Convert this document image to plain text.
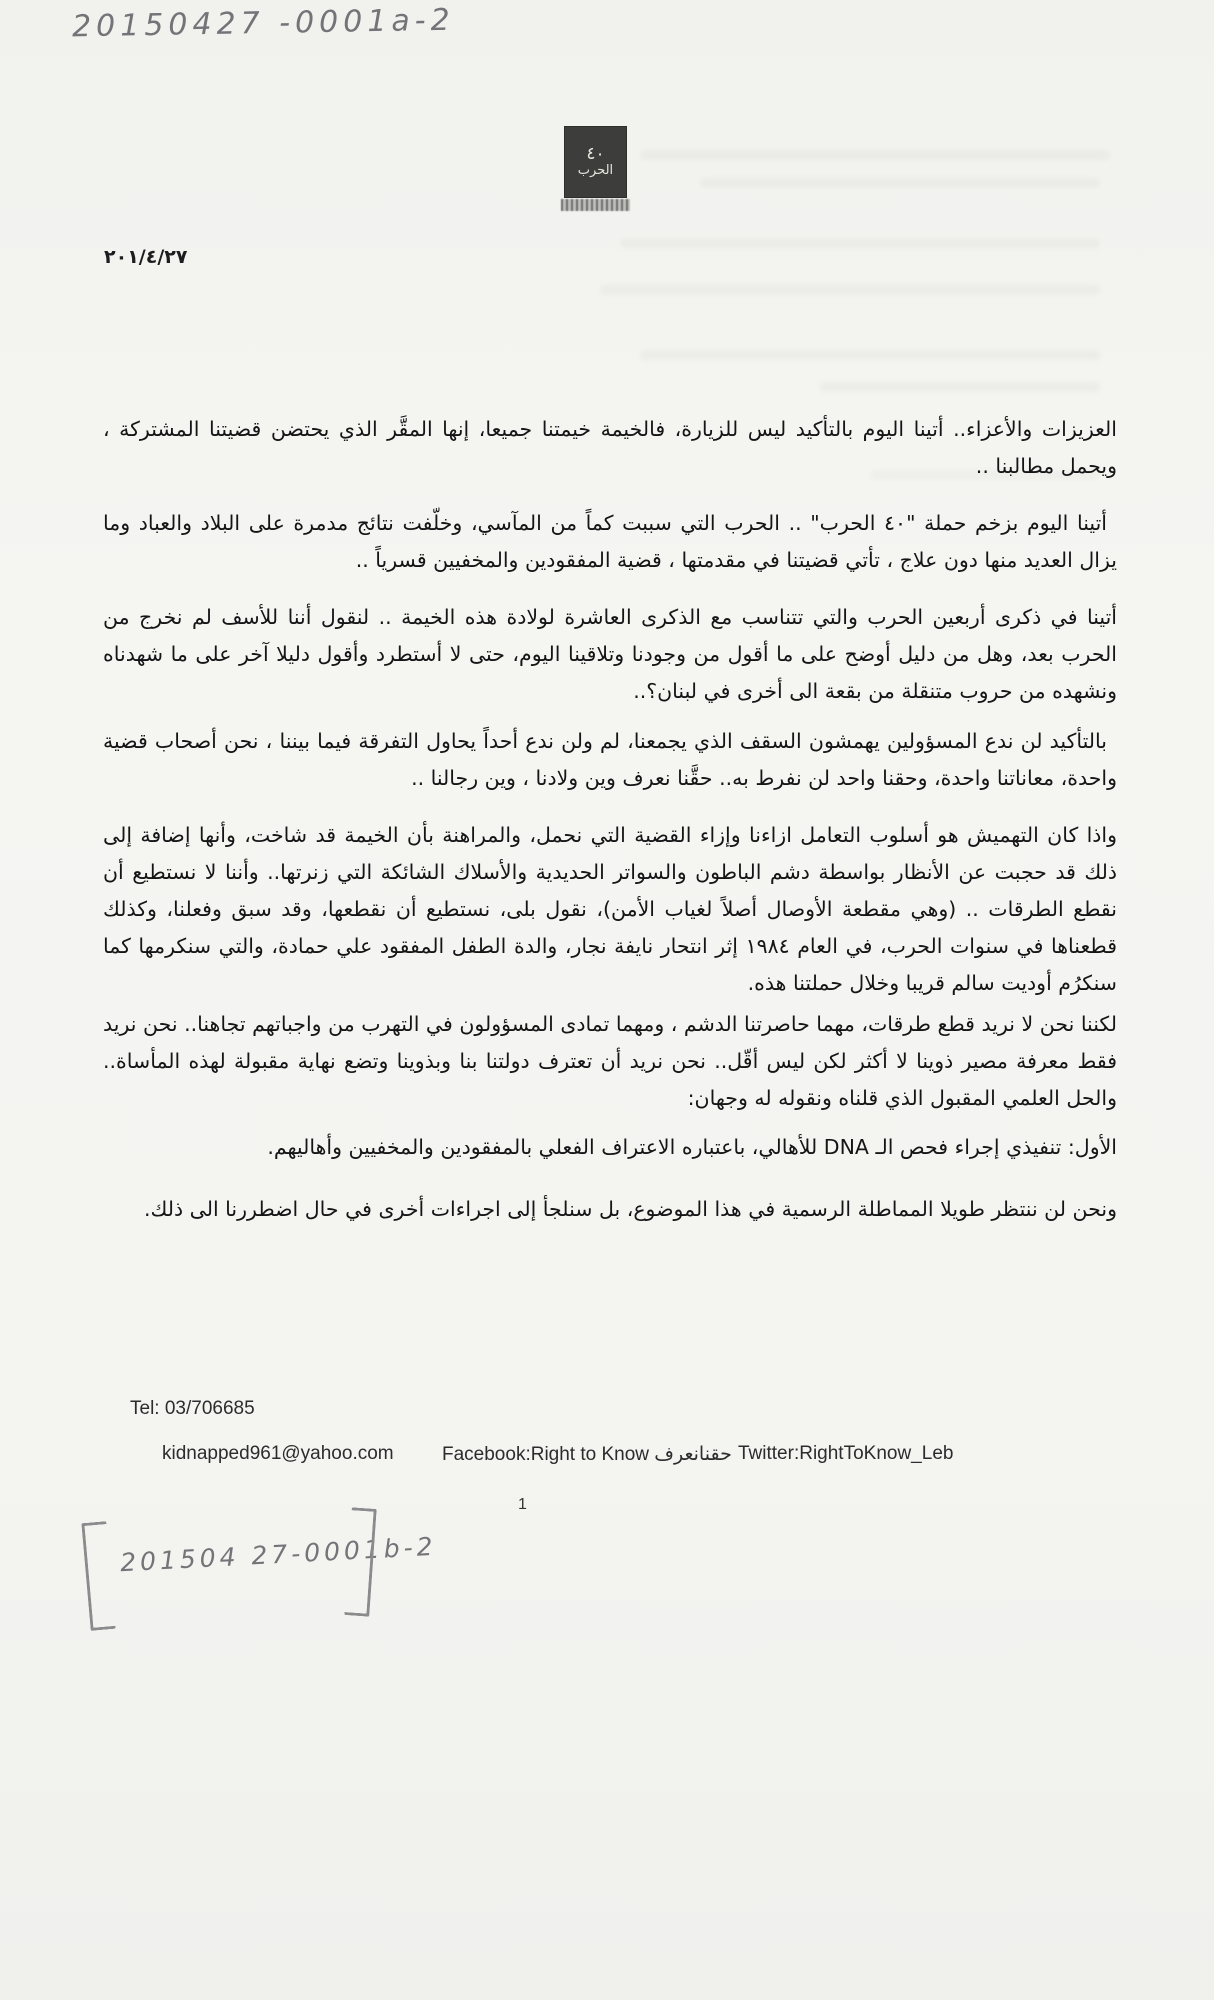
20150427 -0001a-2
٤٠
الحرب
٢٠١/٤/٢٧
العزيزات والأعزاء.. أتينا اليوم بالتأكيد ليس للزيارة، فالخيمة خيمتنا جميعا، إنها المقَّر الذي يحتضن قضيتنا المشتركة ، ويحمل مطالبنا ..
أتينا اليوم بزخم حملة "٤٠ الحرب" .. الحرب التي سببت كماً من المآسي، وخلّفت نتائج مدمرة على البلاد والعباد وما يزال العديد منها دون علاج ، تأتي قضيتنا في مقدمتها ، قضية المفقودين والمخفيين قسرياً ..
أتينا في ذكرى أربعين الحرب والتي تتناسب مع الذكرى العاشرة لولادة هذه الخيمة .. لنقول أننا للأسف لم نخرج من الحرب بعد، وهل من دليل أوضح على ما أقول من وجودنا وتلاقينا اليوم، حتى لا أستطرد وأقول دليلا آخر على ما شهدناه ونشهده من حروب متنقلة من بقعة الى أخرى في لبنان؟..
بالتأكيد لن ندع المسؤولين يهمشون السقف الذي يجمعنا، لم ولن ندع أحداً يحاول التفرقة فيما بيننا ، نحن أصحاب قضية واحدة، معاناتنا واحدة، وحقنا واحد لن نفرط به.. حقَّنا نعرف وين ولادنا ، وين رجالنا ..
واذا كان التهميش هو أسلوب التعامل ازاءنا وإزاء القضية التي نحمل، والمراهنة بأن الخيمة قد شاخت، وأنها إضافة إلى ذلك قد حجبت عن الأنظار بواسطة دشم الباطون والسواتر الحديدية والأسلاك الشائكة التي زنرتها.. وأننا لا نستطيع أن نقطع الطرقات .. (وهي مقطعة الأوصال أصلاً لغياب الأمن)، نقول بلى، نستطيع أن نقطعها، وقد سبق وفعلنا، وكذلك قطعناها في سنوات الحرب، في العام ١٩٨٤ إثر انتحار نايفة نجار، والدة الطفل المفقود علي حمادة، والتي سنكرمها كما سنكرُم أوديت سالم قريبا وخلال حملتنا هذه.
لكننا نحن لا نريد قطع طرقات، مهما حاصرتنا الدشم ، ومهما تمادى المسؤولون في التهرب من واجباتهم تجاهنا.. نحن نريد فقط معرفة مصير ذوينا لا أكثر لكن ليس أقّل.. نحن نريد أن تعترف دولتنا بنا وبذوينا وتضع نهاية مقبولة لهذه المأساة.. والحل العلمي المقبول الذي قلناه ونقوله له وجهان:
الأول: تنفيذي إجراء فحص الـ DNA للأهالي، باعتباره الاعتراف الفعلي بالمفقودين والمخفيين وأهاليهم.
ونحن لن ننتظر طويلا المماطلة الرسمية في هذا الموضوع، بل سنلجأ إلى اجراءات أخرى في حال اضطررنا الى ذلك.
Tel: 03/706685
kidnapped961@yahoo.com	Facebook:Right to Know حقنانعرف Twitter:RightToKnow_Leb
1
201504 27-0001b-2
